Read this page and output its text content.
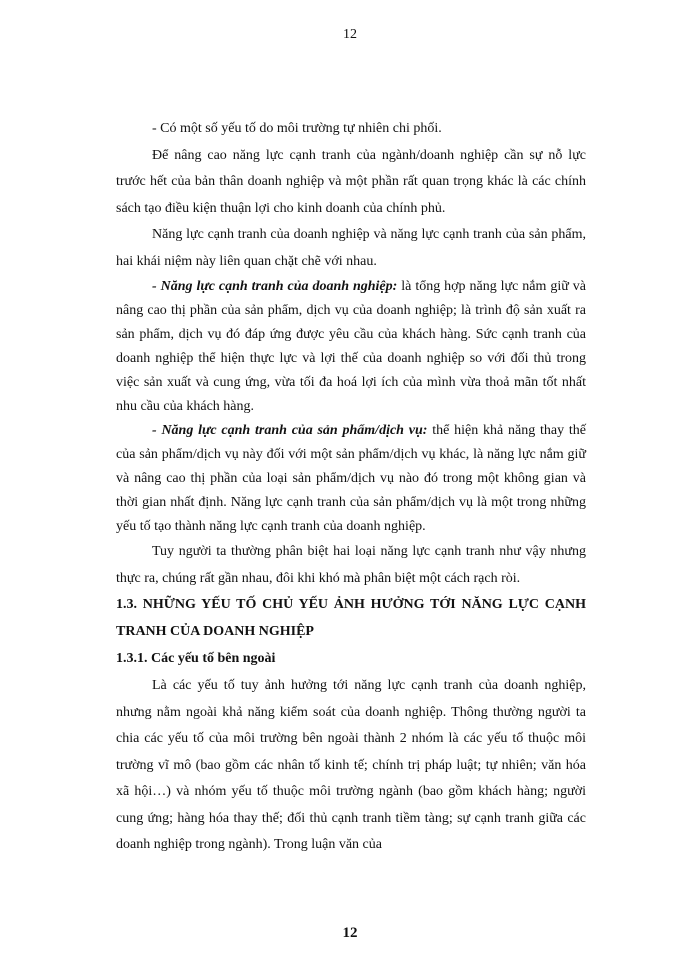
12

- Có một số yếu tố do môi trường tự nhiên chi phối.

Để nâng cao năng lực cạnh tranh của ngành/doanh nghiệp cần sự nỗ lực trước hết của bản thân doanh nghiệp và một phần rất quan trọng khác là các chính sách tạo điều kiện thuận lợi cho kinh doanh của chính phủ.

Năng lực cạnh tranh của doanh nghiệp và năng lực cạnh tranh của sản phẩm, hai khái niệm này liên quan chặt chẽ với nhau.

- Năng lực cạnh tranh của doanh nghiệp: là tổng hợp năng lực nắm giữ và nâng cao thị phần của sản phẩm, dịch vụ của doanh nghiệp; là trình độ sản xuất ra sản phẩm, dịch vụ đó đáp ứng được yêu cầu của khách hàng. Sức cạnh tranh của doanh nghiệp thể hiện thực lực và lợi thế của doanh nghiệp so với đối thủ trong việc sản xuất và cung ứng, vừa tối đa hoá lợi ích của mình vừa thoả mãn tốt nhất nhu cầu của khách hàng.

- Năng lực cạnh tranh của sản phẩm/dịch vụ: thể hiện khả năng thay thế của sản phẩm/dịch vụ này đối với một sản phẩm/dịch vụ khác, là năng lực nắm giữ và nâng cao thị phần của loại sản phẩm/dịch vụ nào đó trong một không gian và thời gian nhất định. Năng lực cạnh tranh của sản phẩm/dịch vụ là một trong những yếu tố tạo thành năng lực cạnh tranh của doanh nghiệp.

Tuy người ta thường phân biệt hai loại năng lực cạnh tranh như vậy nhưng thực ra, chúng rất gần nhau, đôi khi khó mà phân biệt một cách rạch ròi.

1.3. NHỮNG YẾU TỐ CHỦ YẾU ẢNH HƯỞNG TỚI NĂNG LỰC CẠNH TRANH CỦA DOANH NGHIỆP

1.3.1. Các yếu tố bên ngoài

Là các yếu tố tuy ảnh hưởng tới năng lực cạnh tranh của doanh nghiệp, nhưng nằm ngoài khả năng kiểm soát của doanh nghiệp. Thông thường người ta chia các yếu tố của môi trường bên ngoài thành 2 nhóm là các yếu tố thuộc môi trường vĩ mô (bao gồm các nhân tố kinh tế; chính trị pháp luật; tự nhiên; văn hóa xã hội…) và nhóm yếu tố thuộc môi trường ngành (bao gồm khách hàng; người cung ứng; hàng hóa thay thế; đối thủ cạnh tranh tiềm tàng; sự cạnh tranh giữa các doanh nghiệp trong ngành). Trong luận văn của

12
